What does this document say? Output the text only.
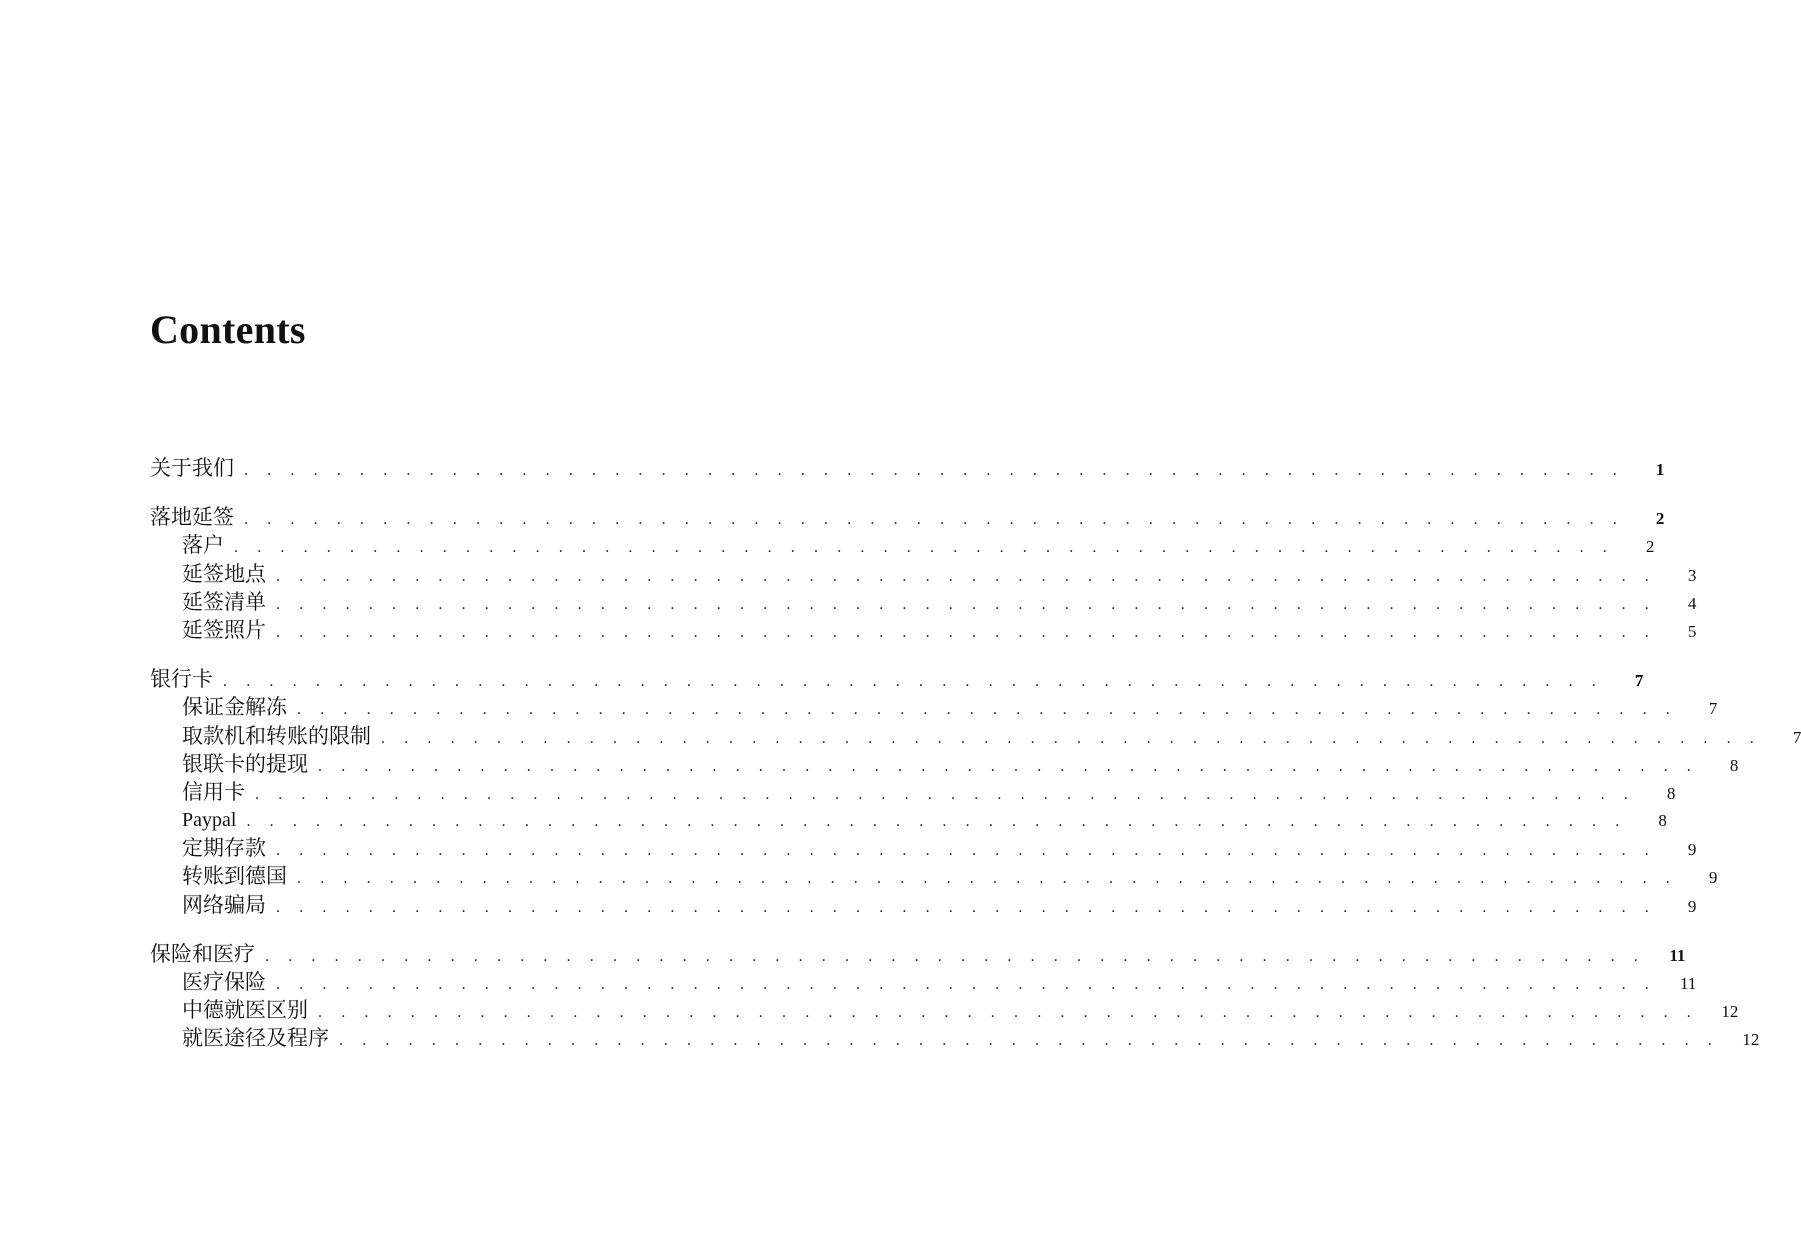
Contents
关于我们 . . . . . . . . . . . . . . . . . . . . . . . . . . . . . . . . . . . . . . . . . . . . . . . . . . . . . . . . . . . .	1
落地延签 . . . . . . . . . . . . . . . . . . . . . . . . . . . . . . . . . . . . . . . . . . . . . . . . . . . . . . . . . . . .	2
落户 . . . . . . . . . . . . . . . . . . . . . . . . . . . . . . . . . . . . . . . . . . . . . . . . . . . . . . . . . . . .	2
延签地点 . . . . . . . . . . . . . . . . . . . . . . . . . . . . . . . . . . . . . . . . . . . . . . . . . . . . . . . . . . . .	3
延签清单 . . . . . . . . . . . . . . . . . . . . . . . . . . . . . . . . . . . . . . . . . . . . . . . . . . . . . . . . . . . .	4
延签照片 . . . . . . . . . . . . . . . . . . . . . . . . . . . . . . . . . . . . . . . . . . . . . . . . . . . . . . . . . . . .	5
银行卡 . . . . . . . . . . . . . . . . . . . . . . . . . . . . . . . . . . . . . . . . . . . . . . . . . . . . . . . . . . . .	7
保证金解冻 . . . . . . . . . . . . . . . . . . . . . . . . . . . . . . . . . . . . . . . . . . . . . . . . . . . . . . . . . . . .	7
取款机和转账的限制 . . . . . . . . . . . . . . . . . . . . . . . . . . . . . . . . . . . . . . . . . . . . . . . . . . . . . . . . . . . .	7
银联卡的提现 . . . . . . . . . . . . . . . . . . . . . . . . . . . . . . . . . . . . . . . . . . . . . . . . . . . . . . . . . . . .	8
信用卡 . . . . . . . . . . . . . . . . . . . . . . . . . . . . . . . . . . . . . . . . . . . . . . . . . . . . . . . . . . . .	8
Paypal . . . . . . . . . . . . . . . . . . . . . . . . . . . . . . . . . . . . . . . . . . . . . . . . . . . . . . . . . . . .	8
定期存款 . . . . . . . . . . . . . . . . . . . . . . . . . . . . . . . . . . . . . . . . . . . . . . . . . . . . . . . . . . . .	9
转账到德国 . . . . . . . . . . . . . . . . . . . . . . . . . . . . . . . . . . . . . . . . . . . . . . . . . . . . . . . . . . . .	9
网络骗局 . . . . . . . . . . . . . . . . . . . . . . . . . . . . . . . . . . . . . . . . . . . . . . . . . . . . . . . . . . . .	9
保险和医疗 . . . . . . . . . . . . . . . . . . . . . . . . . . . . . . . . . . . . . . . . . . . . . . . . . . . . . . . . . . . .	11
医疗保险 . . . . . . . . . . . . . . . . . . . . . . . . . . . . . . . . . . . . . . . . . . . . . . . . . . . . . . . . . . . .	11
中德就医区别 . . . . . . . . . . . . . . . . . . . . . . . . . . . . . . . . . . . . . . . . . . . . . . . . . . . . . . . . . . . .	12
就医途径及程序 . . . . . . . . . . . . . . . . . . . . . . . . . . . . . . . . . . . . . . . . . . . . . . . . . . . . . . . . . . . .	12
